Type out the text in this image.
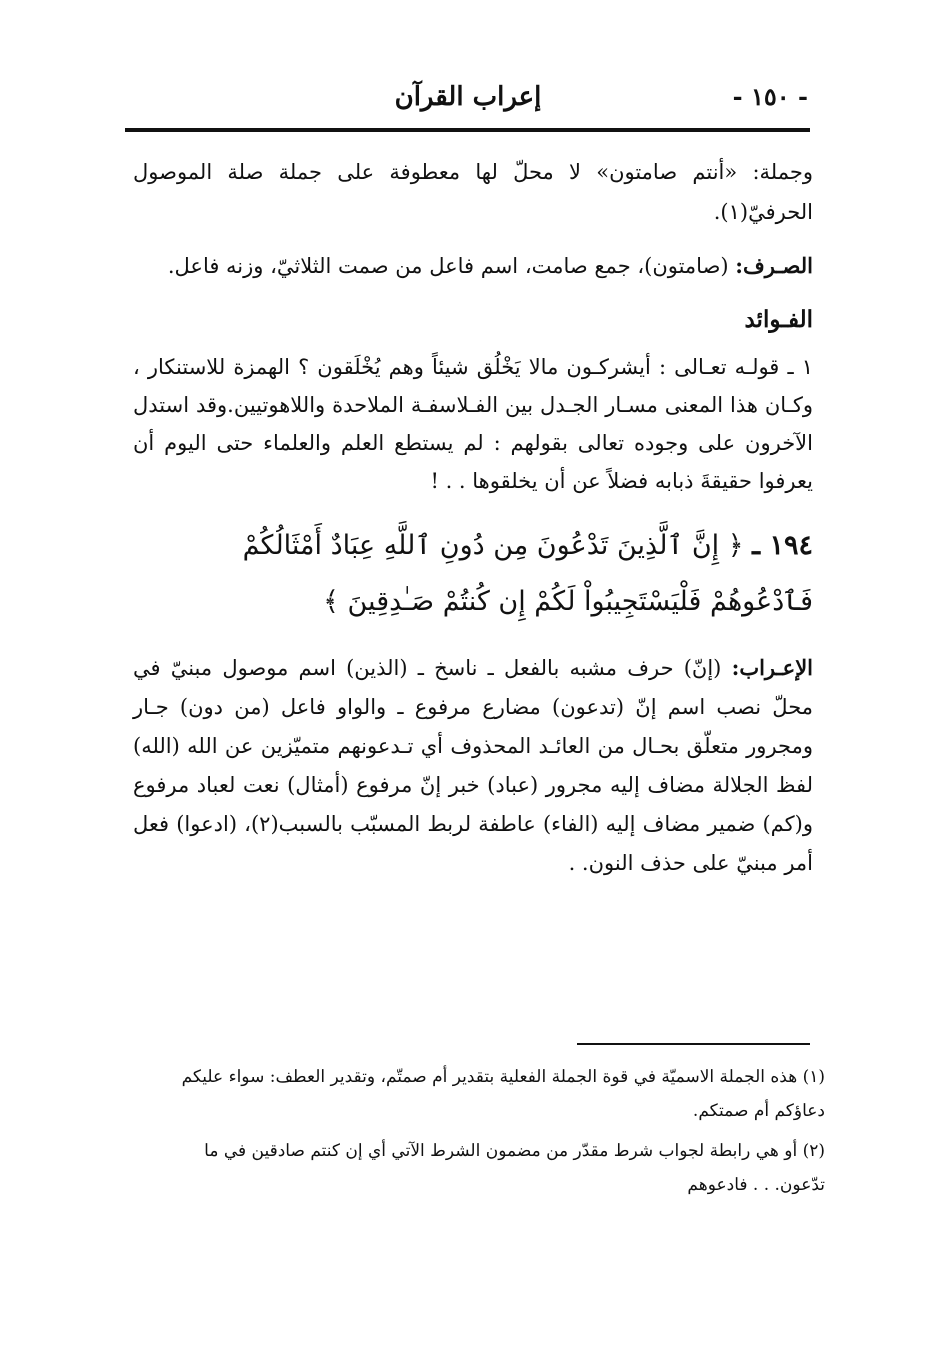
- ١٥٠ -
إعراب القرآن

وجملة: «أنتم صامتون» لا محلّ لها معطوفة على جملة صلة الموصول الحرفيّ(١).

الصـرف: (صامتون)، جمع صامت، اسم فاعل من صمت الثلاثيّ، وزنه فاعل.

الفـوائد

١ ـ قولـه تعـالى : أيشركـون مالا يَخْلُق شيئاً وهم يُخْلَقون ؟ الهمزة للاستنكار ، وكـان هذا المعنى مسـار الجـدل بين الفـلاسفـة الملاحدة واللاهوتيين.وقد استدل الآخرون على وجوده تعالى بقولهم : لم يستطع العلم والعلماء حتى اليوم أن يعرفوا حقيقةَ ذبابه فضلاً عن أن يخلقوها . . !

١٩٤ ـ ﴿ إِنَّ ٱلَّذِينَ تَدْعُونَ مِن دُونِ ٱللَّهِ عِبَادٌ أَمْثَالُكُمْ فَٱدْعُوهُمْ فَلْيَسْتَجِيبُواْ لَكُمْ إِن كُنتُمْ صَـٰدِقِينَ ﴾

الإعـراب: (إنّ) حرف مشبه بالفعل ـ ناسخ ـ (الذين) اسم موصول مبنيّ في محلّ نصب اسم إنّ (تدعون) مضارع مرفوع ـ والواو فاعل (من دون) جـار ومجرور متعلّق بحـال من العائـد المحذوف أي تـدعونهم متميّزين عن الله (الله) لفظ الجلالة مضاف إليه مجرور (عباد) خبر إنّ مرفوع (أمثال) نعت لعباد مرفوع و(كم) ضمير مضاف إليه (الفاء) عاطفة لربط المسبّب بالسبب(٢)، (ادعوا) فعل أمر مبنيّ على حذف النون. .

(١) هذه الجملة الاسميّة في قوة الجملة الفعلية بتقدير أم صمتّم، وتقدير العطف: سواء عليكم دعاؤكم أم صمتكم.

(٢) أو هي رابطة لجواب شرط مقدّر من مضمون الشرط الآتي أي إن كنتم صادقين في ما تدّعون. . . فادعوهم
